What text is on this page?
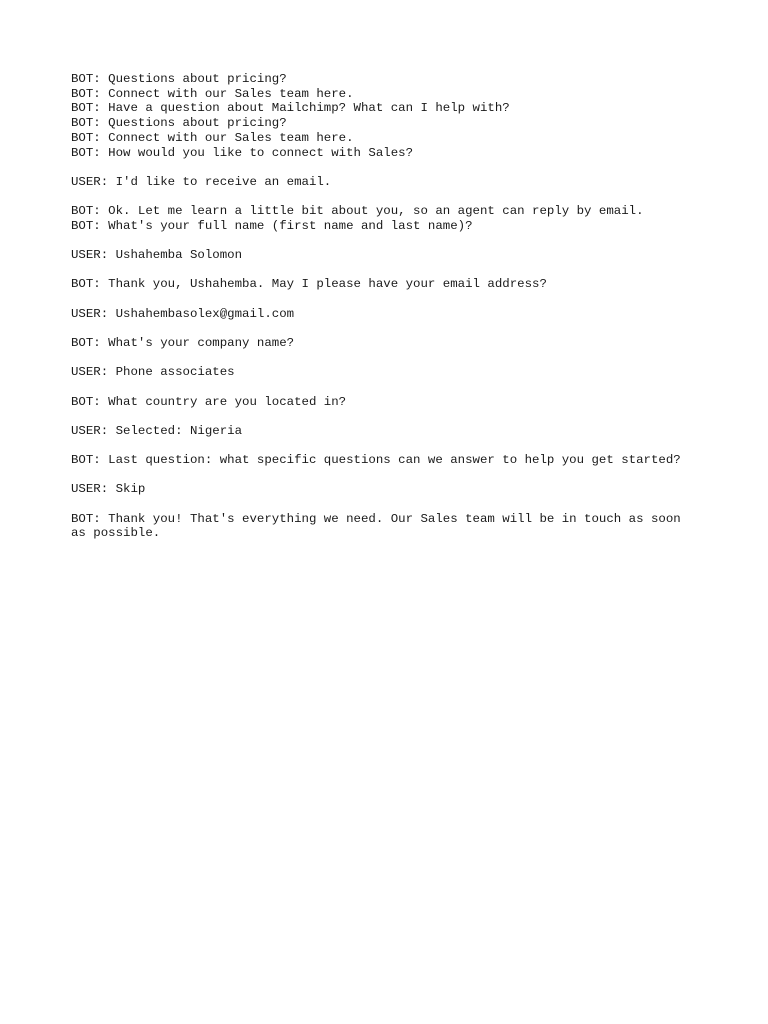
BOT: Questions about pricing?
BOT: Connect with our Sales team here.
BOT: Have a question about Mailchimp? What can I help with?
BOT: Questions about pricing?
BOT: Connect with our Sales team here.
BOT: How would you like to connect with Sales?
USER: I'd like to receive an email.
BOT: Ok. Let me learn a little bit about you, so an agent can reply by email.
BOT: What's your full name (first name and last name)?
USER: Ushahemba Solomon
BOT: Thank you, Ushahemba. May I please have your email address?
USER: Ushahembasolex@gmail.com
BOT: What's your company name?
USER: Phone associates
BOT: What country are you located in?
USER: Selected: Nigeria
BOT: Last question: what specific questions can we answer to help you get started?
USER: Skip
BOT: Thank you! That's everything we need. Our Sales team will be in touch as soon as possible.
